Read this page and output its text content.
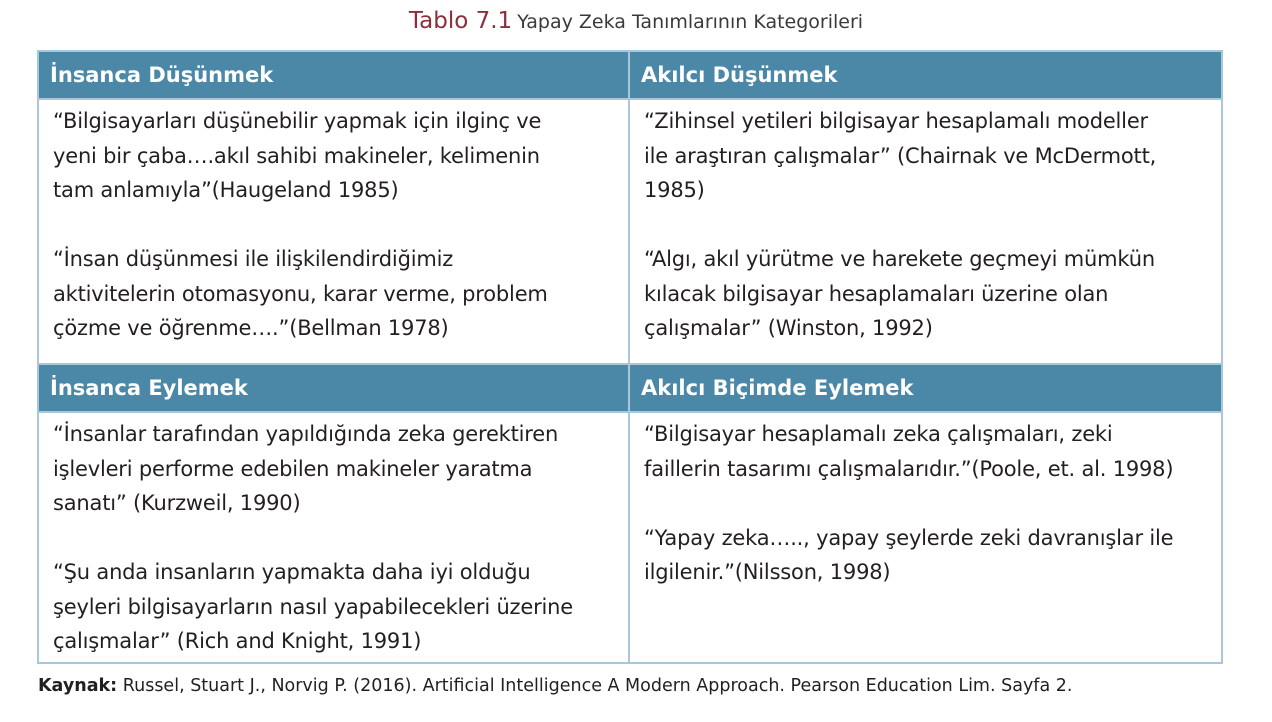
Tablo 7.1 Yapay Zeka Tanımlarının Kategorileri
İnsanca Düşünmek	Akılcı Düşünmek

“Bilgisayarları düşünebilir yapmak için ilginç ve
yeni bir çaba….akıl sahibi makineler, kelimenin
tam anlamıyla”(Haugeland 1985)

“İnsan düşünmesi ile ilişkilendirdiğimiz
aktivitelerin otomasyonu, karar verme, problem
çözme ve öğrenme….”(Bellman 1978)

“Zihinsel yetileri bilgisayar hesaplamalı modeller
ile araştıran çalışmalar” (Chairnak ve McDermott,
1985)

“Algı, akıl yürütme ve harekete geçmeyi mümkün
kılacak bilgisayar hesaplamaları üzerine olan
çalışmalar” (Winston, 1992)

İnsanca Eylemek	Akılcı Biçimde Eylemek

“İnsanlar tarafından yapıldığında zeka gerektiren
işlevleri performe edebilen makineler yaratma
sanatı” (Kurzweil, 1990)

“Şu anda insanların yapmakta daha iyi olduğu
şeyleri bilgisayarların nasıl yapabilecekleri üzerine
çalışmalar” (Rich and Knight, 1991)

“Bilgisayar hesaplamalı zeka çalışmaları, zeki
faillerin tasarımı çalışmalarıdır.”(Poole, et. al. 1998)

“Yapay zeka….., yapay şeylerde zeki davranışlar ile
ilgilenir.”(Nilsson, 1998)

Kaynak: Russel, Stuart J., Norvig P. (2016). Artificial Intelligence A Modern Approach. Pearson Education Lim. Sayfa 2.
